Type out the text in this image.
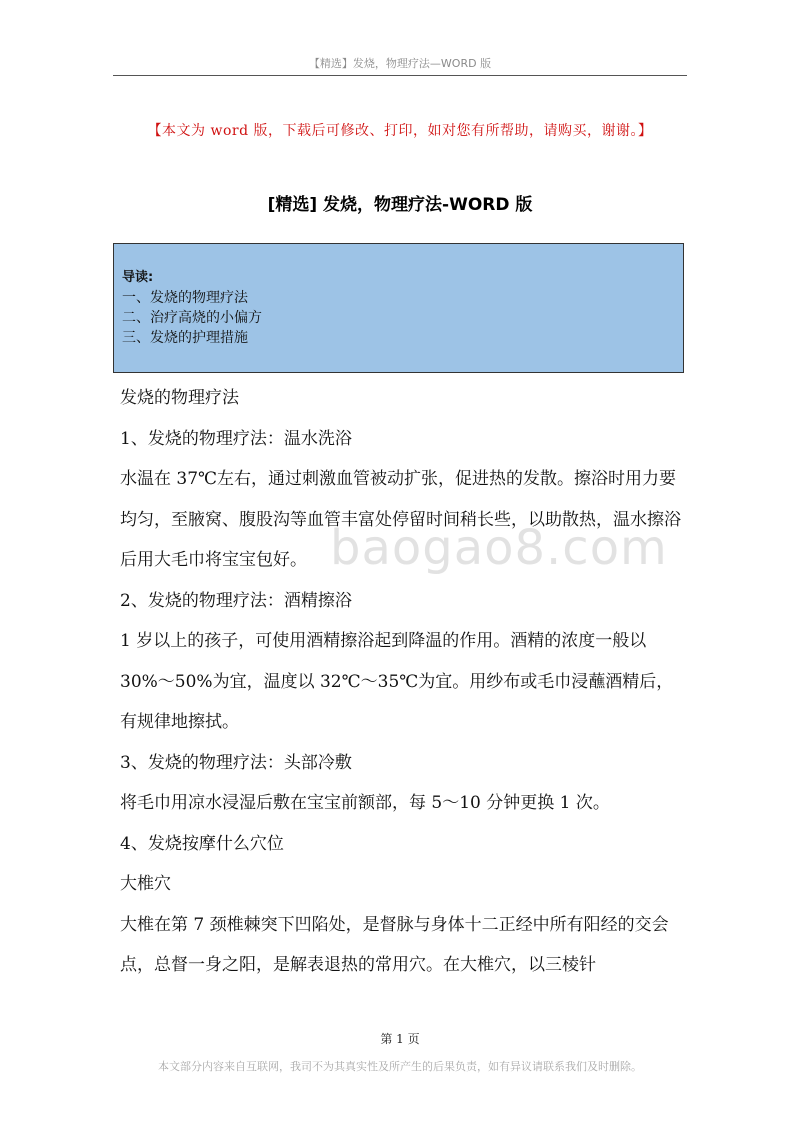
【精选】发烧，物理疗法—WORD 版
【本文为 word 版，下载后可修改、打印，如对您有所帮助，请购买，谢谢。】
[精选] 发烧，物理疗法-WORD 版
导读:
一、发烧的物理疗法
二、治疗高烧的小偏方
三、发烧的护理措施

发烧的物理疗法

1、发烧的物理疗法：温水洗浴

水温在 37℃左右，通过刺激血管被动扩张，促进热的发散。擦浴时用力要均匀，至腋窝、腹股沟等血管丰富处停留时间稍长些，以助散热，温水擦浴后用大毛巾将宝宝包好。

2、发烧的物理疗法：酒精擦浴

1 岁以上的孩子，可使用酒精擦浴起到降温的作用。酒精的浓度一般以 30%～50%为宜，温度以 32℃～35℃为宜。用纱布或毛巾浸蘸酒精后，有规律地擦拭。

3、发烧的物理疗法：头部冷敷

将毛巾用凉水浸湿后敷在宝宝前额部，每 5～10 分钟更换 1 次。

4、发烧按摩什么穴位

大椎穴

大椎在第 7 颈椎棘突下凹陷处，是督脉与身体十二正经中所有阳经的交会点，总督一身之阳，是解表退热的常用穴。在大椎穴，以三棱针

baogao8.com
第 1 页
本文部分内容来自互联网，我司不为其真实性及所产生的后果负责，如有异议请联系我们及时删除。
